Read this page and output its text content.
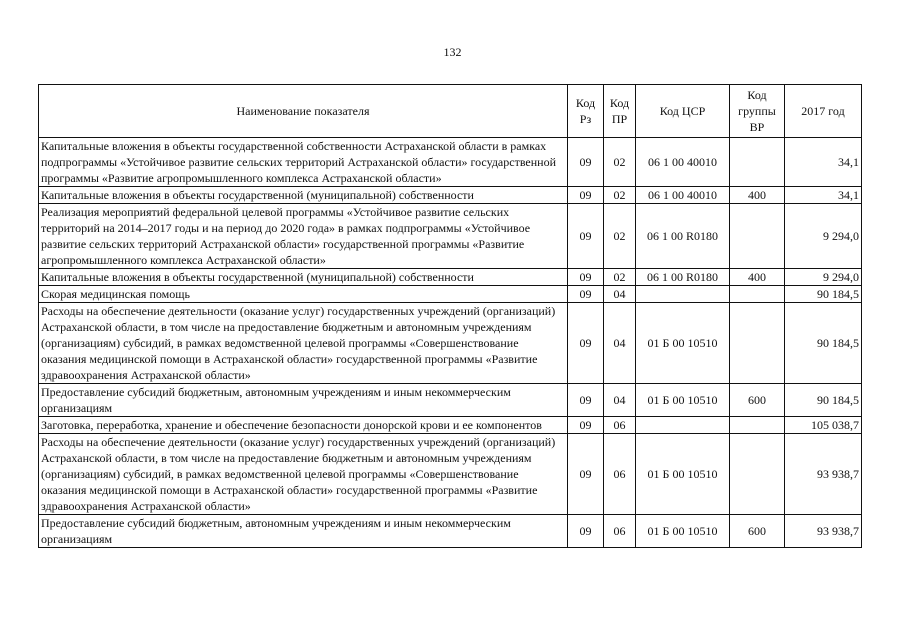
132
Наименование показателя	Код Рз	Код ПР	Код ЦСР	Код группы ВР	2017 год
Капитальные вложения в объекты государственной собственности Астраханской области в рамках подпрограммы «Устойчивое развитие сельских территорий Астраханской области» государственной программы «Развитие агропромышленного комплекса Астраханской области»	09	02	06 1 00 40010		34,1
Капитальные вложения в объекты государственной (муниципальной) собственности	09	02	06 1 00 40010	400	34,1
Реализация мероприятий федеральной целевой программы «Устойчивое развитие сельских территорий на 2014–2017 годы и на период до 2020 года» в рамках подпрограммы «Устойчивое развитие сельских территорий Астраханской области» государственной программы «Развитие агропромышленного комплекса Астраханской области»	09	02	06 1 00 R0180		9 294,0
Капитальные вложения в объекты государственной (муниципальной) собственности	09	02	06 1 00 R0180	400	9 294,0
Скорая медицинская помощь	09	04			90 184,5
Расходы на обеспечение деятельности (оказание услуг) государственных учреждений (организаций) Астраханской области, в том числе на предоставление бюджетным и автономным учреждениям (организациям) субсидий, в рамках ведомственной целевой программы «Совершенствование оказания медицинской помощи в Астраханской области» государственной программы «Развитие здравоохранения Астраханской области»	09	04	01 Б 00 10510		90 184,5
Предоставление субсидий бюджетным, автономным учреждениям и иным некоммерческим организациям	09	04	01 Б 00 10510	600	90 184,5
Заготовка, переработка, хранение и обеспечение безопасности донорской крови и ее компонентов	09	06			105 038,7
Расходы на обеспечение деятельности (оказание услуг) государственных учреждений (организаций) Астраханской области, в том числе на предоставление бюджетным и автономным учреждениям (организациям) субсидий, в рамках ведомственной целевой программы «Совершенствование оказания медицинской помощи в Астраханской области» государственной программы «Развитие здравоохранения Астраханской области»	09	06	01 Б 00 10510		93 938,7
Предоставление субсидий бюджетным, автономным учреждениям и иным некоммерческим организациям	09	06	01 Б 00 10510	600	93 938,7
